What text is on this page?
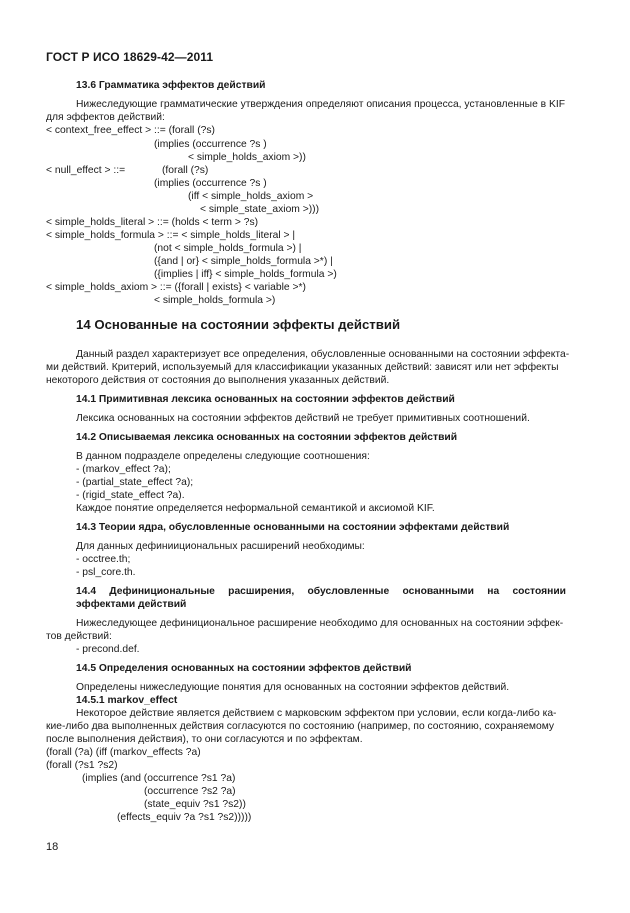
ГОСТ Р ИСО 18629-42—2011
13.6 Грамматика эффектов действий
Нижеследующие грамматические утверждения определяют описания процесса, установленные в KIF
для эффектов действий:
< context_free_effect > ::= (forall (?s)
(implies (occurrence ?s )
< simple_holds_axiom >))
< null_effect > ::=	(forall (?s)
(implies (occurrence ?s )
(iff < simple_holds_axiom >
< simple_state_axiom >)))
< simple_holds_literal > ::= (holds < term > ?s)
< simple_holds_formula > ::= < simple_holds_literal > |
(not < simple_holds_formula >) |
({and | or} < simple_holds_formula >*) |
({implies | iff} < simple_holds_formula >)
< simple_holds_axiom > ::= ({forall | exists} < variable >*)
< simple_holds_formula >)
14 Основанные на состоянии эффекты действий
Данный раздел характеризует все определения, обусловленные основанными на состоянии эффекта-
ми действий. Критерий, используемый для классификации указанных действий: зависят или нет эффекты
некоторого действия от состояния до выполнения указанных действий.
14.1 Примитивная лексика основанных на состоянии эффектов действий
Лексика основанных на состоянии эффектов действий не требует примитивных соотношений.
14.2 Описываемая лексика основанных на состоянии эффектов действий
В данном подразделе определены следующие соотношения:
- (markov_effect ?a);
- (partial_state_effect ?a);
- (rigid_state_effect ?a).
Каждое понятие определяется неформальной семантикой и аксиомой KIF.
14.3 Теории ядра, обусловленные основанными на состоянии эффектами действий
Для данных дефиниициональных расширений необходимы:
- occtree.th;
- psl_core.th.
14.4 Дефинициональные расширения, обусловленные основанными на состоянии
эффектами действий
Нижеследующее дефинициональное расширение необходимо для основанных на состоянии эффек-
тов действий:
- precond.def.
14.5 Определения основанных на состоянии эффектов действий
Определены нижеследующие понятия для основанных на состоянии эффектов действий.
14.5.1 markov_effect
Некоторое действие является действием с марковским эффектом при условии, если когда-либо ка-
кие-либо два выполненных действия согласуются по состоянию (например, по состоянию, сохраняемому
после выполнения действия), то они согласуются и по эффектам.
(forall (?a) (iff (markov_effects ?a)
(forall (?s1 ?s2)
(implies (and (occurrence ?s1 ?a)
(occurrence ?s2 ?a)
(state_equiv ?s1 ?s2))
(effects_equiv ?a ?s1 ?s2)))))
18
